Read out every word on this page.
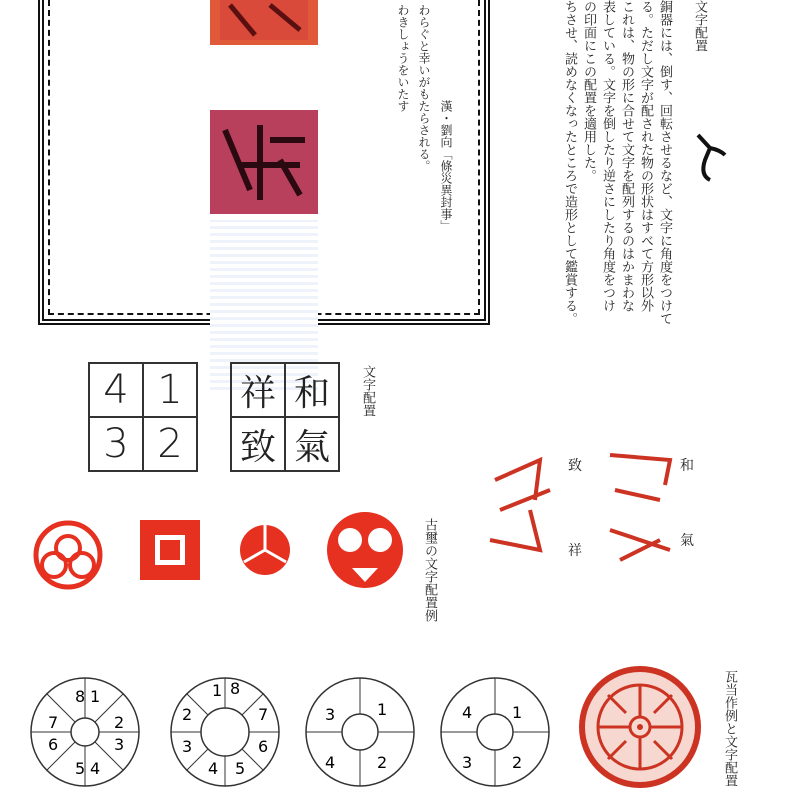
わきしょうをいたす わらぐと幸いがもたらされる。 漢・劉向「條災異封事」
文字配置
銅器には、倒す、回転させるなど、文字に角度をつけて
る。ただし文字が配された物の形状はすべて方形以外
これは、物の形に合せて文字を配列するのはかまわな
表している。文字を倒したり逆さにしたり角度をつけ
の印面にこの配置を適用した。
ちさせ、読めなくなったところで造形として鑑賞する。
4 1
3 2
祥 和
致 氣
文字配置
和
致
祥
氣
古璽の文字配置例
8 1
2
3
4
5
6
7
1 8
2
3
4 5
6
7	3	1
4	2
4 1
3 2	瓦当作例と文字配置
